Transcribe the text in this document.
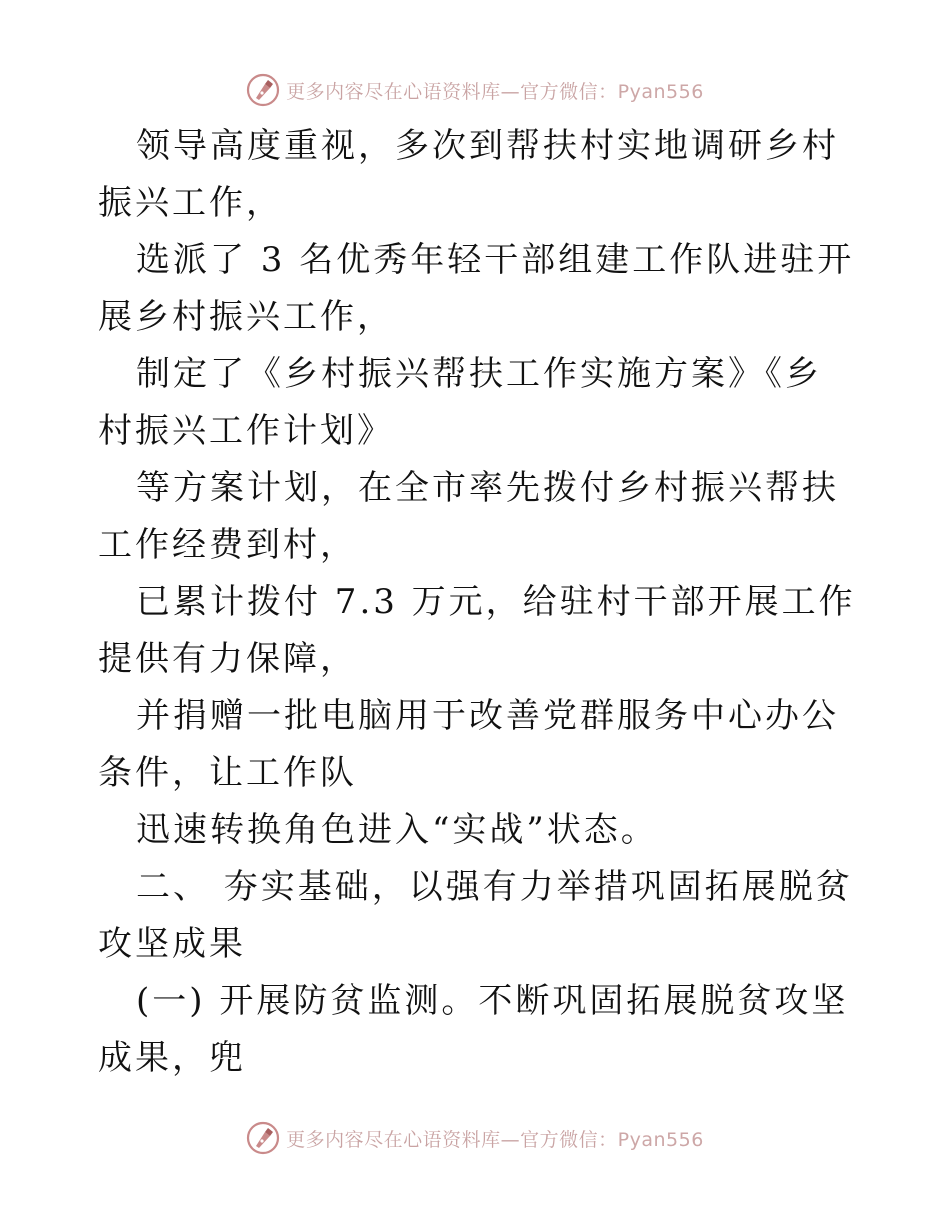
更多内容尽在心语资料库—官方微信：Pyan556

领导高度重视，多次到帮扶村实地调研乡村振兴工作，

选派了 3 名优秀年轻干部组建工作队进驻开展乡村振兴工作，

制定了《乡村振兴帮扶工作实施方案》《乡村振兴工作计划》

等方案计划，在全市率先拨付乡村振兴帮扶工作经费到村，

已累计拨付 7.3 万元，给驻村干部开展工作提供有力保障，

并捐赠一批电脑用于改善党群服务中心办公条件，让工作队

迅速转换角色进入“实战”状态。

二、 夯实基础，以强有力举措巩固拓展脱贫攻坚成果

(一) 开展防贫监测。不断巩固拓展脱贫攻坚成果，兜

更多内容尽在心语资料库—官方微信：Pyan556
